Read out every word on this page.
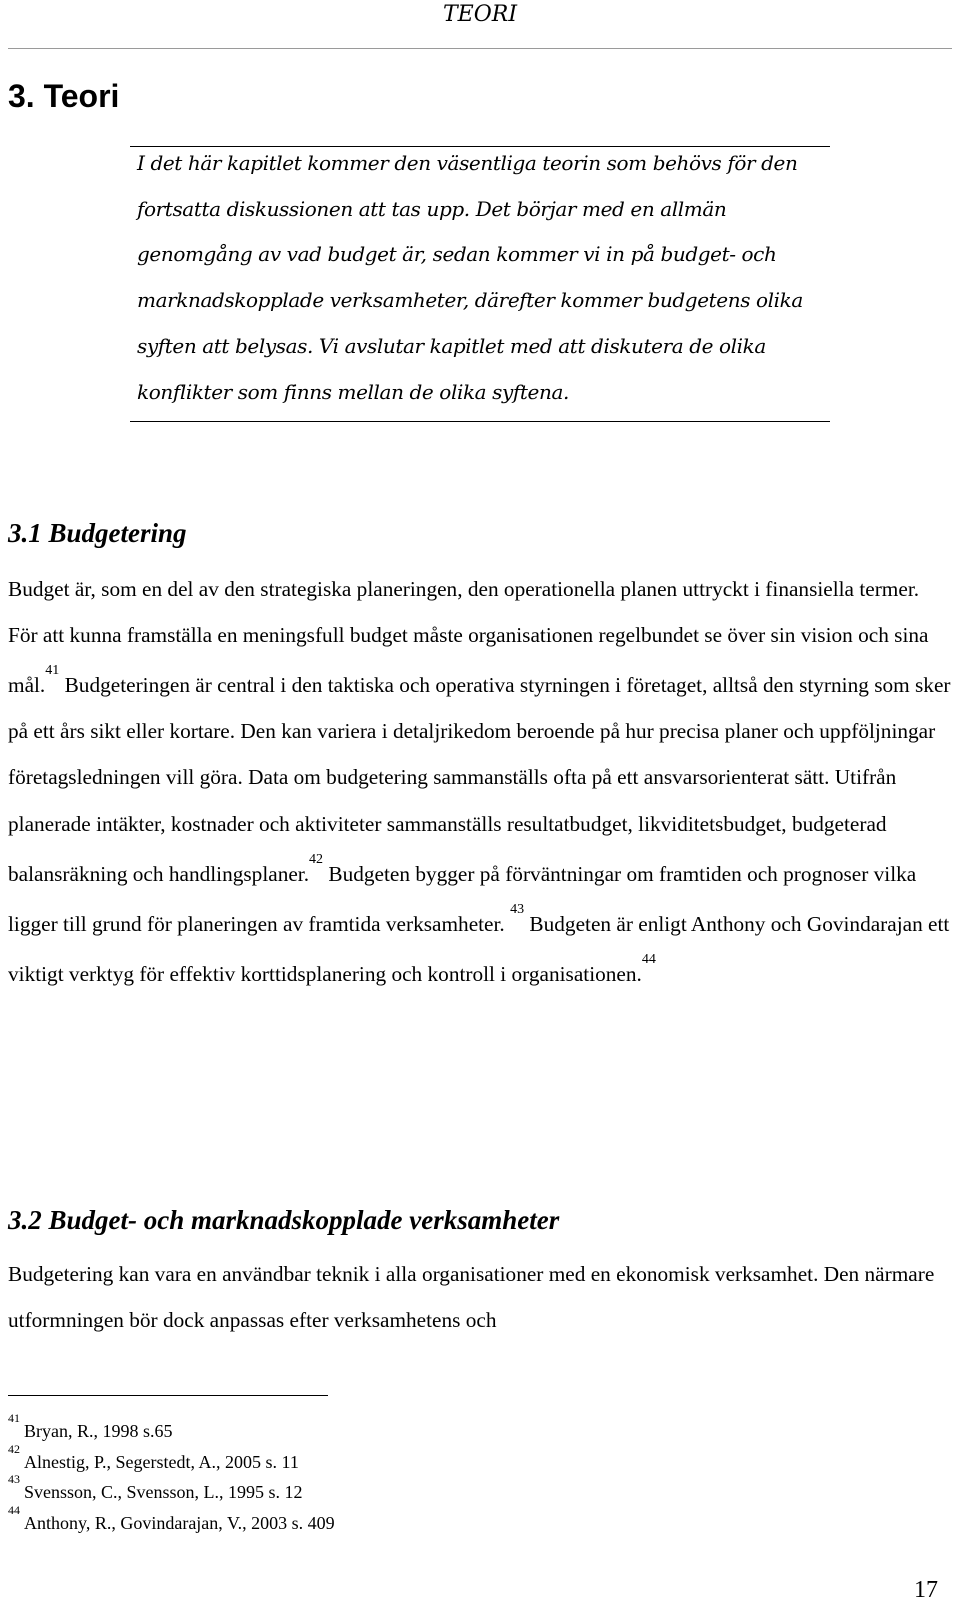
TEORI
3. Teori

I det här kapitlet kommer den väsentliga teorin som behövs för den fortsatta diskussionen att tas upp. Det börjar med en allmän genomgång av vad budget är, sedan kommer vi in på budget- och marknadskopplade verksamheter, därefter kommer budgetens olika syften att belysas. Vi avslutar kapitlet med att diskutera de olika konflikter som finns mellan de olika syftena.

3.1 Budgetering

Budget är, som en del av den strategiska planeringen, den operationella planen uttryckt i finansiella termer. För att kunna framställa en meningsfull budget måste organisationen regelbundet se över sin vision och sina mål.$^{41}$ Budgeteringen är central i den taktiska och operativa styrningen i företaget, alltså den styrning som sker på ett års sikt eller kortare. Den kan variera i detaljrikedom beroende på hur precisa planer och uppföljningar företagsledningen vill göra. Data om budgetering sammanställs ofta på ett ansvarsorienterat sätt. Utifrån planerade intäkter, kostnader och aktiviteter sammanställs resultatbudget, likviditetsbudget, budgeterad balansräkning och handlingsplaner.$^{42}$ Budgeten bygger på förväntningar om framtiden och prognoser vilka ligger till grund för planeringen av framtida verksamheter. $^{43}$ Budgeten är enligt Anthony och Govindarajan ett viktigt verktyg för effektiv korttidsplanering och kontroll i organisationen.$^{44}$

3.2 Budget- och marknadskopplade verksamheter

Budgetering kan vara en användbar teknik i alla organisationer med en ekonomisk verksamhet. Den närmare utformningen bör dock anpassas efter verksamhetens och

$^{41}$Bryan, R., 1998 s.65
$^{42}$Alnestig, P., Segerstedt, A., 2005 s. 11
$^{43}$Svensson, C., Svensson, L., 1995 s. 12
$^{44}$Anthony, R., Govindarajan, V., 2003 s. 409
17
